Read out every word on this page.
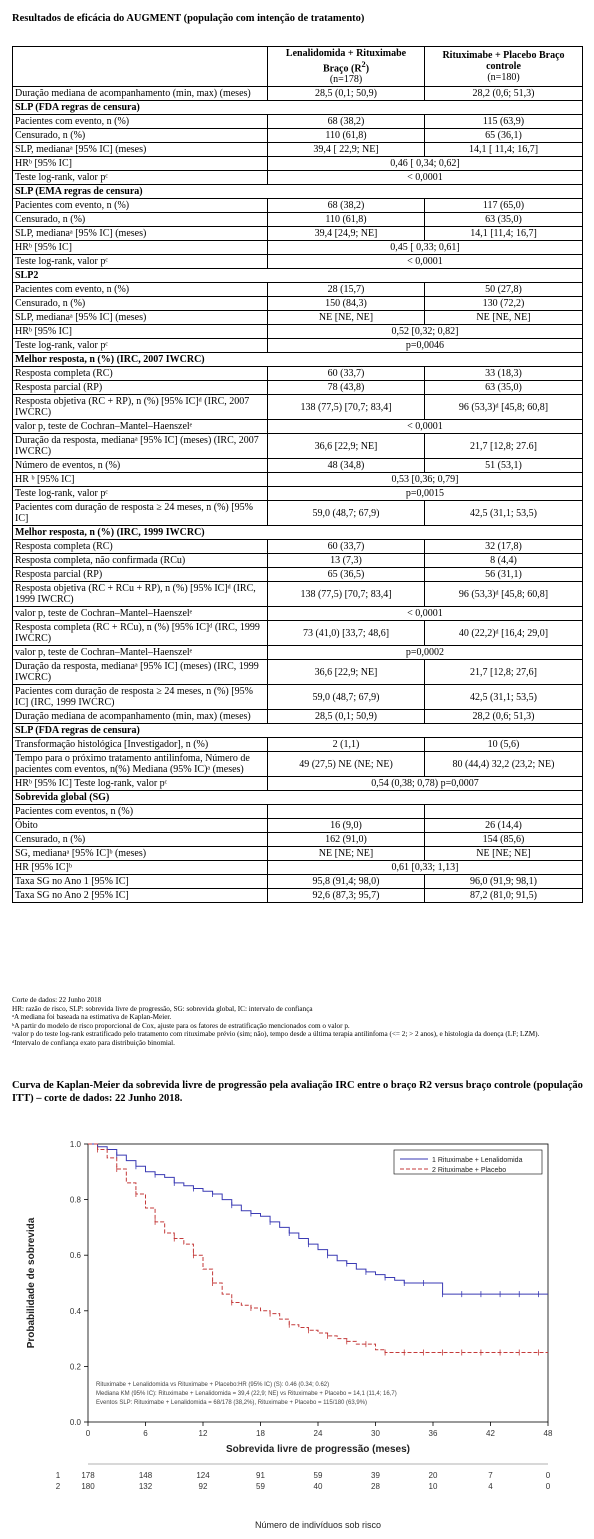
Resultados de eficácia do AUGMENT (população com intenção de tratamento)
	Lenalidomida + Rituximabe
Braço $(R^2)$
(n=178)	Rituximabe + Placebo Braço
controle
(n=180)
Duração mediana de acompanhamento (min, max) (meses)	28,5 (0,1; 50,9)	28,2 (0,6; 51,3)
SLP (FDA regras de censura)		
Pacientes com evento, n (%)	68 (38,2)	115 (63,9)
Censurado, n (%)	110 (61,8)	65 (36,1)
SLP, medianaᵃ [95% IC] (meses)	39,4 [ 22,9; NE]	14,1 [ 11,4; 16,7]
HRᵇ [95% IC]	0,46 [ 0,34; 0,62]	
Teste log-rank, valor pᶜ	< 0,0001	
SLP (EMA regras de censura)		
Pacientes com evento, n (%)	68 (38,2)	117 (65,0)
Censurado, n (%)	110 (61,8)	63 (35,0)
SLP, medianaᵃ [95% IC] (meses)	39,4 [24,9; NE]	14,1 [11,4; 16,7]
HRᵇ [95% IC]	0,45 [ 0,33; 0,61]	
Teste log-rank, valor pᶜ	< 0,0001	
SLP2		
Pacientes com evento, n (%)	28 (15,7)	50 (27,8)
Censurado, n (%)	150 (84,3)	130 (72,2)
SLP, medianaᵃ [95% IC] (meses)	NE [NE, NE]	NE [NE, NE]
HRᵇ [95% IC]	0,52 [0,32; 0,82]	
Teste log-rank, valor pᶜ	p=0,0046	
Melhor resposta, n (%) (IRC, 2007 IWCRC)		
Resposta completa (RC)	60 (33,7)	33 (18,3)
Resposta parcial (RP)	78 (43,8)	63 (35,0)
Resposta objetiva (RC + RP), n (%) [95% IC]ᵈ (IRC, 2007 IWCRC)	138 (77,5) [70,7; 83,4]	96 (53,3)ᵈ [45,8; 60,8]
valor p, teste de Cochran–Mantel–Haenszelᵉ	< 0,0001	
Duração da resposta, medianaᵃ [95% IC] (meses) (IRC, 2007 IWCRC)	36,6 [22,9; NE]	21,7 [12,8; 27.6]
Número de eventos, n (%)	48 (34,8)	51 (53,1)
HR ᵇ [95% IC]	0,53 [0,36; 0,79]	
Teste log-rank, valor pᶜ	p=0,0015	
Pacientes com duração de resposta ≥ 24 meses, n (%) [95% IC]	59,0 (48,7; 67,9)	42,5 (31,1; 53,5)
Melhor resposta, n (%) (IRC, 1999 IWCRC)		
Resposta completa (RC)	60 (33,7)	32 (17,8)
Resposta completa, não confirmada (RCu)	13 (7,3)	8 (4,4)
Resposta parcial (RP)	65 (36,5)	56 (31,1)
Resposta objetiva (RC + RCu + RP), n (%) [95% IC]ᵈ (IRC, 1999 IWCRC)	138 (77,5) [70,7; 83,4]	96 (53,3)ᵈ [45,8; 60,8]
valor p, teste de Cochran–Mantel–Haenszelᵉ	< 0,0001	
Resposta completa (RC + RCu), n (%) [95% IC]ᵈ (IRC, 1999 IWCRC)	73 (41,0) [33,7; 48,6]	40 (22,2)ᵈ [16,4; 29,0]
valor p, teste de Cochran–Mantel–Haenszelᵉ	p=0,0002	
Duração da resposta, medianaᵃ [95% IC] (meses) (IRC, 1999 IWCRC)	36,6 [22,9; NE]	21,7 [12,8; 27,6]
Pacientes com duração de resposta ≥ 24 meses, n (%) [95% IC] (IRC, 1999 IWCRC)	59,0 (48,7; 67,9)	42,5 (31,1; 53,5)
Duração mediana de acompanhamento (min, max) (meses)	28,5 (0,1; 50,9)	28,2 (0,6; 51,3)
SLP (FDA regras de censura)		
Transformação histológica [Investigador], n (%)	2 (1,1)	10 (5,6)
Tempo para o próximo tratamento antilinfoma, Número de pacientes com eventos, n(%) Mediana (95% IC)ᵃ (meses)	49 (27,5) NE (NE; NE)	80 (44,4) 32,2 (23,2; NE)
HRᵇ [95% IC] Teste log-rank, valor pᶜ	0,54 (0,38; 0,78) p=0,0007	
Sobrevida global (SG)		
Pacientes com eventos, n (%)		
Óbito	16 (9,0)	26 (14,4)
Censurado, n (%)	162 (91,0)	154 (85,6)
SG, medianaᵃ [95% IC]ᵇ (meses)	NE [NE; NE]	NE [NE; NE]
HR [95% IC]ᵇ	0,61 [0,33; 1,13]	
Taxa SG no Ano 1 [95% IC]	95,8 (91,4; 98,0)	96,0 (91,9; 98,1)
Taxa SG no Ano 2 [95% IC]	92,6 (87,3; 95,7)	87,2 (81,0; 91,5)
Corte de dados: 22 Junho 2018
HR: razão de risco, SLP: sobrevida livre de progressão, SG: sobrevida global, IC: intervalo de confiança
ᵃA mediana foi baseada na estimativa de Kaplan-Meier.
ᵇA partir do modelo de risco proporcional de Cox, ajuste para os fatores de estratificação mencionados com o valor p.
ᶜvalor p do teste log-rank estratificado pelo tratamento com rituximabe prévio (sim; não), tempo desde a última terapia antilinfoma (<= 2; > 2 anos), e histologia da doença (LF; LZM).
ᵈIntervalo de confiança exato para distribuição binomial.
Curva de Kaplan-Meier da sobrevida livre de progressão pela avaliação IRC entre o braço R2 versus braço controle (população ITT) – corte de dados: 22 Junho 2018.
0	6	12	18	24	30	36	42	48
0.0
0.2
0.4
0.6
0.8
1.0
Sobrevida livre de progressão (meses)
Probabilidade de sobrevida
1 Rituximabe + Lenalidomida
2 Rituximabe + Placebo
Rituximabe + Lenalidomida vs Rituximabe + Placebo:HR (95% IC) (S): 0.46 (0.34; 0.62)
Mediana KM (95% IC): Rituximabe + Lenalidomida = 39,4 (22,9; NE) vs Rituximabe + Placebo = 14,1 (11,4; 16,7)
Eventos SLP: Rituximabe + Lenalidomida = 68/178 (38,2%), Rituximabe + Placebo = 115/180 (63,9%)
1	178	148	124	91	59	39	20	7	0
2	180	132	92	59	40	28	10	4	0
Número de indivíduos sob risco
